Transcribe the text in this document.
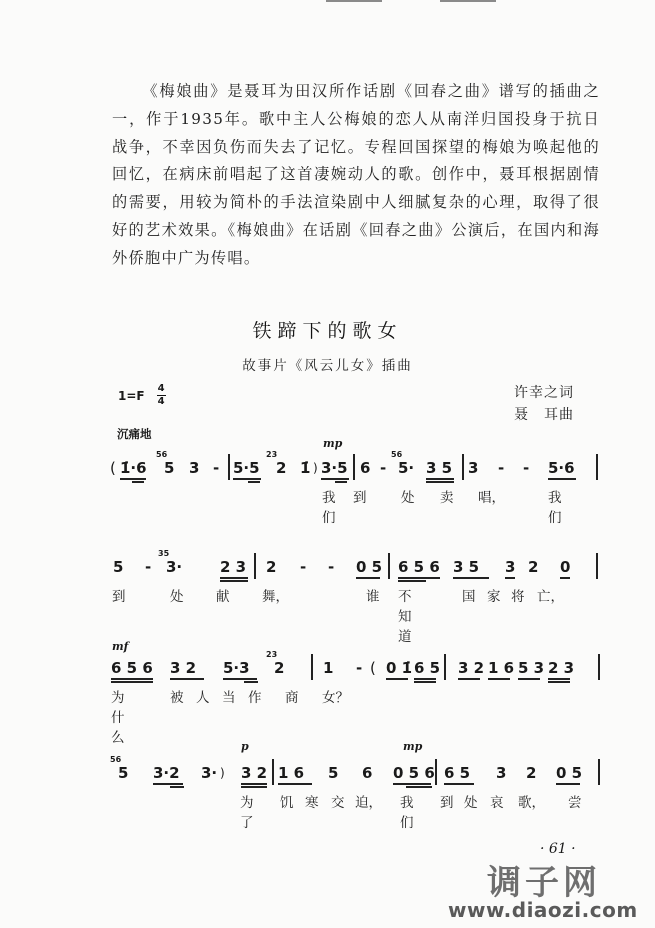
《梅娘曲》是聂耳为田汉所作话剧《回春之曲》谱写的插曲之一，作于1935年。歌中主人公梅娘的恋人从南洋归国投身于抗日战争，不幸因负伤而失去了记忆。专程回国探望的梅娘为唤起他的回忆，在病床前唱起了这首凄婉动人的歌。创作中，聂耳根据剧情的需要，用较为简朴的手法渲染剧中人细腻复杂的心理，取得了很好的艺术效果。《梅娘曲》在话剧《回春之曲》公演后，在国内和海外侨胞中广为传唱。

铁蹄下的歌女
故事片《风云儿女》插曲
1=F 4
4
许幸之词
聂　耳曲
沉痛地
mp
mf
p	mp
( 1̇·6
56
5 3 - 5·5
23
2 1̇ ) 3·5 6 -
56
5· 3 5 3 - - 5·6
我们
到	处 卖 唱，	我们
5 -
35
3·	2 3 2 - - 0 5 6 5 6 3 5 3 2 0
到	处 献 舞，	谁 不知道
国 家 将 亡，
6 5 6 3 2 5·3
23
2	1 - ( 0 1̇ 6 5 3 2 1 6 5 3 2 3
为什么
被 人 当 作 商 女？
56
5 3·2 3· ) 3 2 1 6 5 6 0 5 6 6 5 3 2 0 5
为了
饥 寒 交 迫， 我们
到 处 哀 歌， 尝
· 61 ·
调子网
www.diaozi.com
